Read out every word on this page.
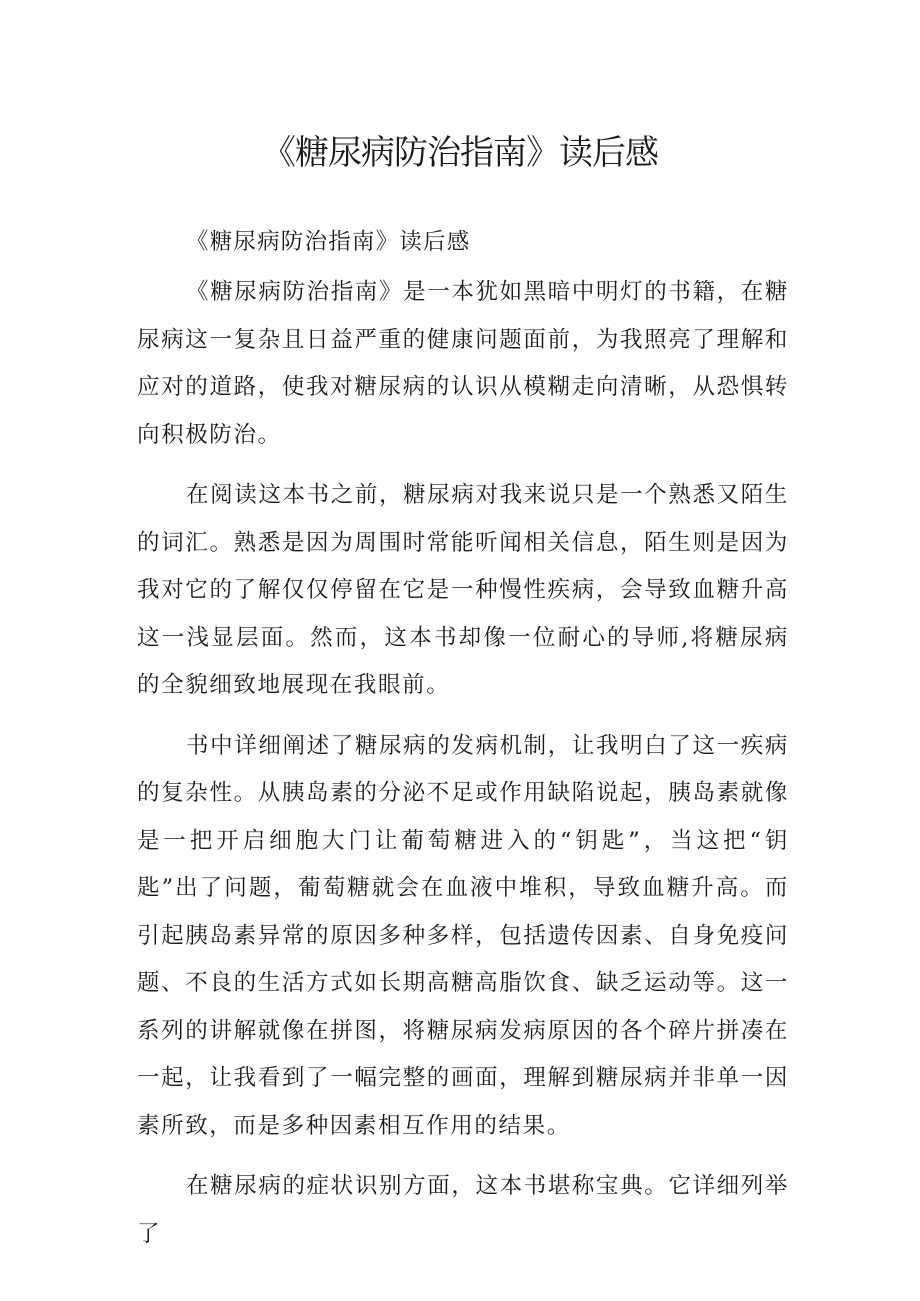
《糖尿病防治指南》读后感

《糖尿病防治指南》读后感

《糖尿病防治指南》是一本犹如黑暗中明灯的书籍，在糖尿病这一复杂且日益严重的健康问题面前，为我照亮了理解和应对的道路，使我对糖尿病的认识从模糊走向清晰，从恐惧转向积极防治。

在阅读这本书之前，糖尿病对我来说只是一个熟悉又陌生的词汇。熟悉是因为周围时常能听闻相关信息，陌生则是因为我对它的了解仅仅停留在它是一种慢性疾病，会导致血糖升高这一浅显层面。然而，这本书却像一位耐心的导师,将糖尿病的全貌细致地展现在我眼前。

书中详细阐述了糖尿病的发病机制，让我明白了这一疾病的复杂性。从胰岛素的分泌不足或作用缺陷说起，胰岛素就像是一把开启细胞大门让葡萄糖进入的“钥匙”，当这把“钥匙”出了问题，葡萄糖就会在血液中堆积，导致血糖升高。而引起胰岛素异常的原因多种多样，包括遗传因素、自身免疫问题、不良的生活方式如长期高糖高脂饮食、缺乏运动等。这一系列的讲解就像在拼图，将糖尿病发病原因的各个碎片拼凑在一起，让我看到了一幅完整的画面，理解到糖尿病并非单一因素所致，而是多种因素相互作用的结果。

在糖尿病的症状识别方面，这本书堪称宝典。它详细列举了
